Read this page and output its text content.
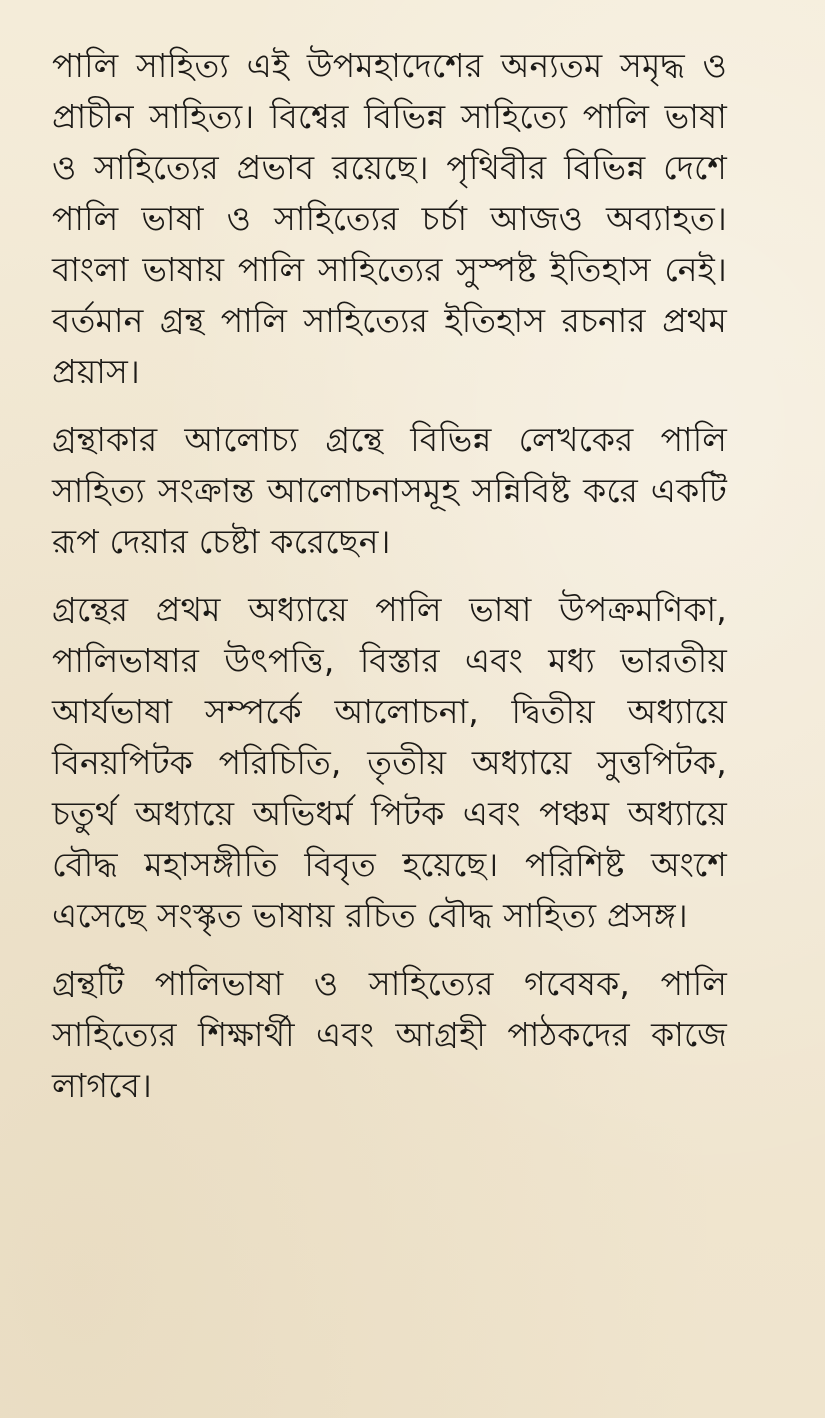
পালি সাহিত্য এই উপমহাদেশের অন্যতম সমৃদ্ধ ও প্রাচীন সাহিত্য। বিশ্বের বিভিন্ন সাহিত্যে পালি ভাষা ও সাহিত্যের প্রভাব রয়েছে। পৃথিবীর বিভিন্ন দেশে পালি ভাষা ও সাহিত্যের চর্চা আজও অব্যাহত। বাংলা ভাষায় পালি সাহিত্যের সুস্পষ্ট ইতিহাস নেই। বর্তমান গ্রন্থ পালি সাহিত্যের ইতিহাস রচনার প্রথম প্রয়াস।

গ্রন্থাকার আলোচ্য গ্রন্থে বিভিন্ন লেখকের পালি সাহিত্য সংক্রান্ত আলোচনাসমূহ সন্নিবিষ্ট করে একটি রূপ দেয়ার চেষ্টা করেছেন।

গ্রন্থের প্রথম অধ্যায়ে পালি ভাষা উপক্রমণিকা, পালিভাষার উৎপত্তি, বিস্তার এবং মধ্য ভারতীয় আর্যভাষা সম্পর্কে আলোচনা, দ্বিতীয় অধ্যায়ে বিনয়পিটক পরিচিতি, তৃতীয় অধ্যায়ে সুত্তপিটক, চতুর্থ অধ্যায়ে অভিধর্ম পিটক এবং পঞ্চম অধ্যায়ে বৌদ্ধ মহাসঙ্গীতি বিবৃত হয়েছে। পরিশিষ্ট অংশে এসেছে সংস্কৃত ভাষায় রচিত বৌদ্ধ সাহিত্য প্রসঙ্গ।

গ্রন্থটি পালিভাষা ও সাহিত্যের গবেষক, পালি সাহিত্যের শিক্ষার্থী এবং আগ্রহী পাঠকদের কাজে লাগবে।
